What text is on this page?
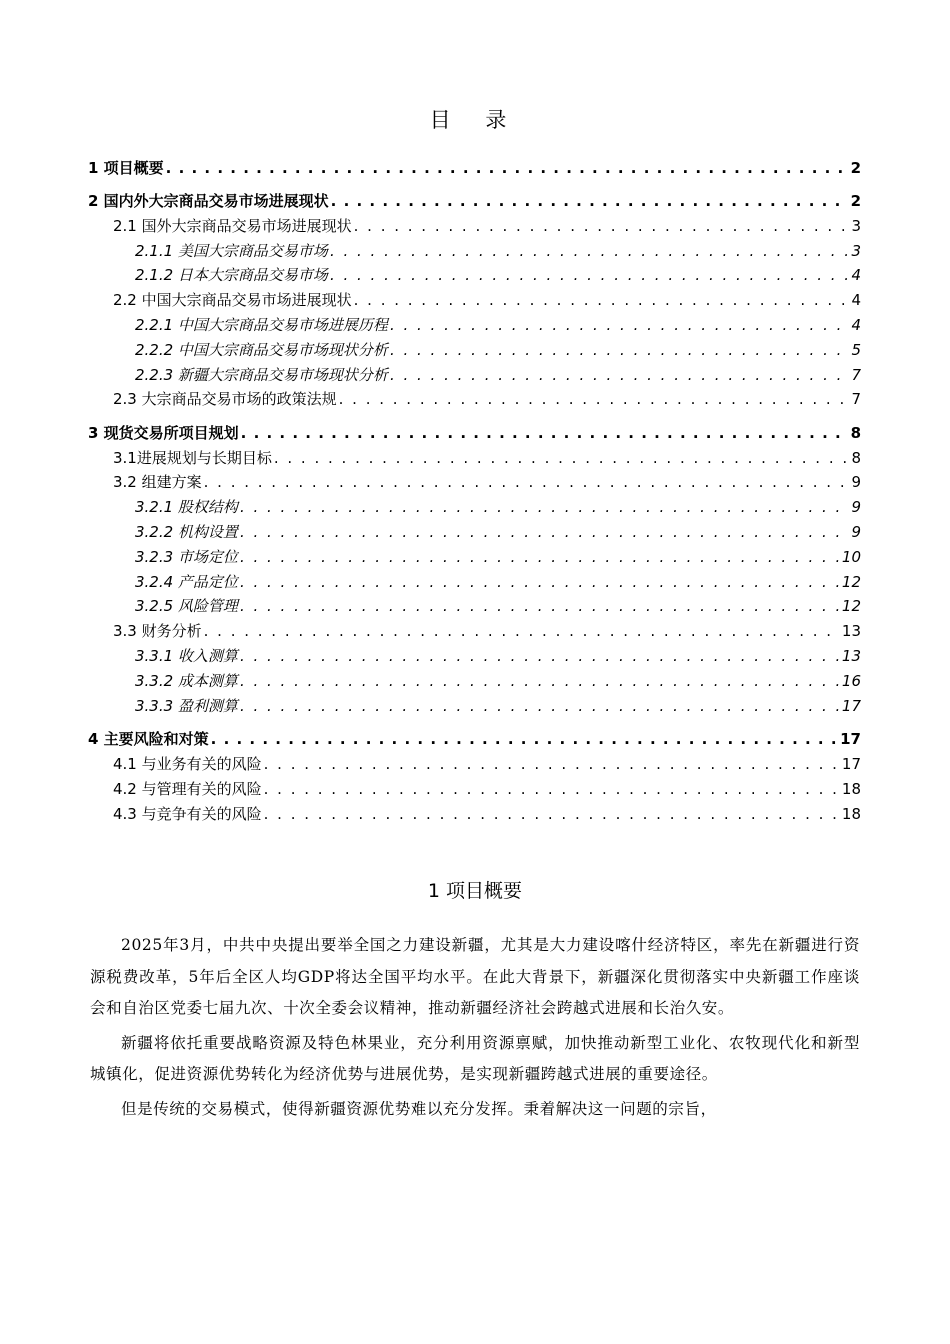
目 录
1 项目概要 . . .	2
2 国内外大宗商品交易市场进展现状 . . .	2
2.1 国外大宗商品交易市场进展现状 . . .	3
2.1.1 美国大宗商品交易市场 . . .	3
2.1.2 日本大宗商品交易市场 . . .	4
2.2 中国大宗商品交易市场进展现状 . . .	4
2.2.1 中国大宗商品交易市场进展历程 . . .	4
2.2.2 中国大宗商品交易市场现状分析 . . .	5
2.2.3 新疆大宗商品交易市场现状分析 . . .	7
2.3 大宗商品交易市场的政策法规 . . .	7
3 现货交易所项目规划 . . .	8
3.1进展规划与长期目标 . . .	8
3.2 组建方案 . . .	9
3.2.1 股权结构 . . .	9
3.2.2 机构设置 . . .	9
3.2.3 市场定位 . . .	10
3.2.4 产品定位 . . .	12
3.2.5 风险管理 . . .	12
3.3 财务分析 . . .	13
3.3.1 收入测算 . . .	13
3.3.2 成本测算 . . .	16
3.3.3 盈利测算 . . .	17
4 主要风险和对策 . . .	17
4.1 与业务有关的风险 . . .	17
4.2 与管理有关的风险 . . .	18
4.3 与竞争有关的风险 . . .	18
1 项目概要

2025年3月，中共中央提出要举全国之力建设新疆，尤其是大力建设喀什经济特区，率先在新疆进行资源税费改革，5年后全区人均GDP将达全国平均水平。在此大背景下，新疆深化贯彻落实中央新疆工作座谈会和自治区党委七届九次、十次全委会议精神，推动新疆经济社会跨越式进展和长治久安。

新疆将依托重要战略资源及特色林果业，充分利用资源禀赋，加快推动新型工业化、农牧现代化和新型城镇化，促进资源优势转化为经济优势与进展优势，是实现新疆跨越式进展的重要途径。

但是传统的交易模式，使得新疆资源优势难以充分发挥。秉着解决这一问题的宗旨，
